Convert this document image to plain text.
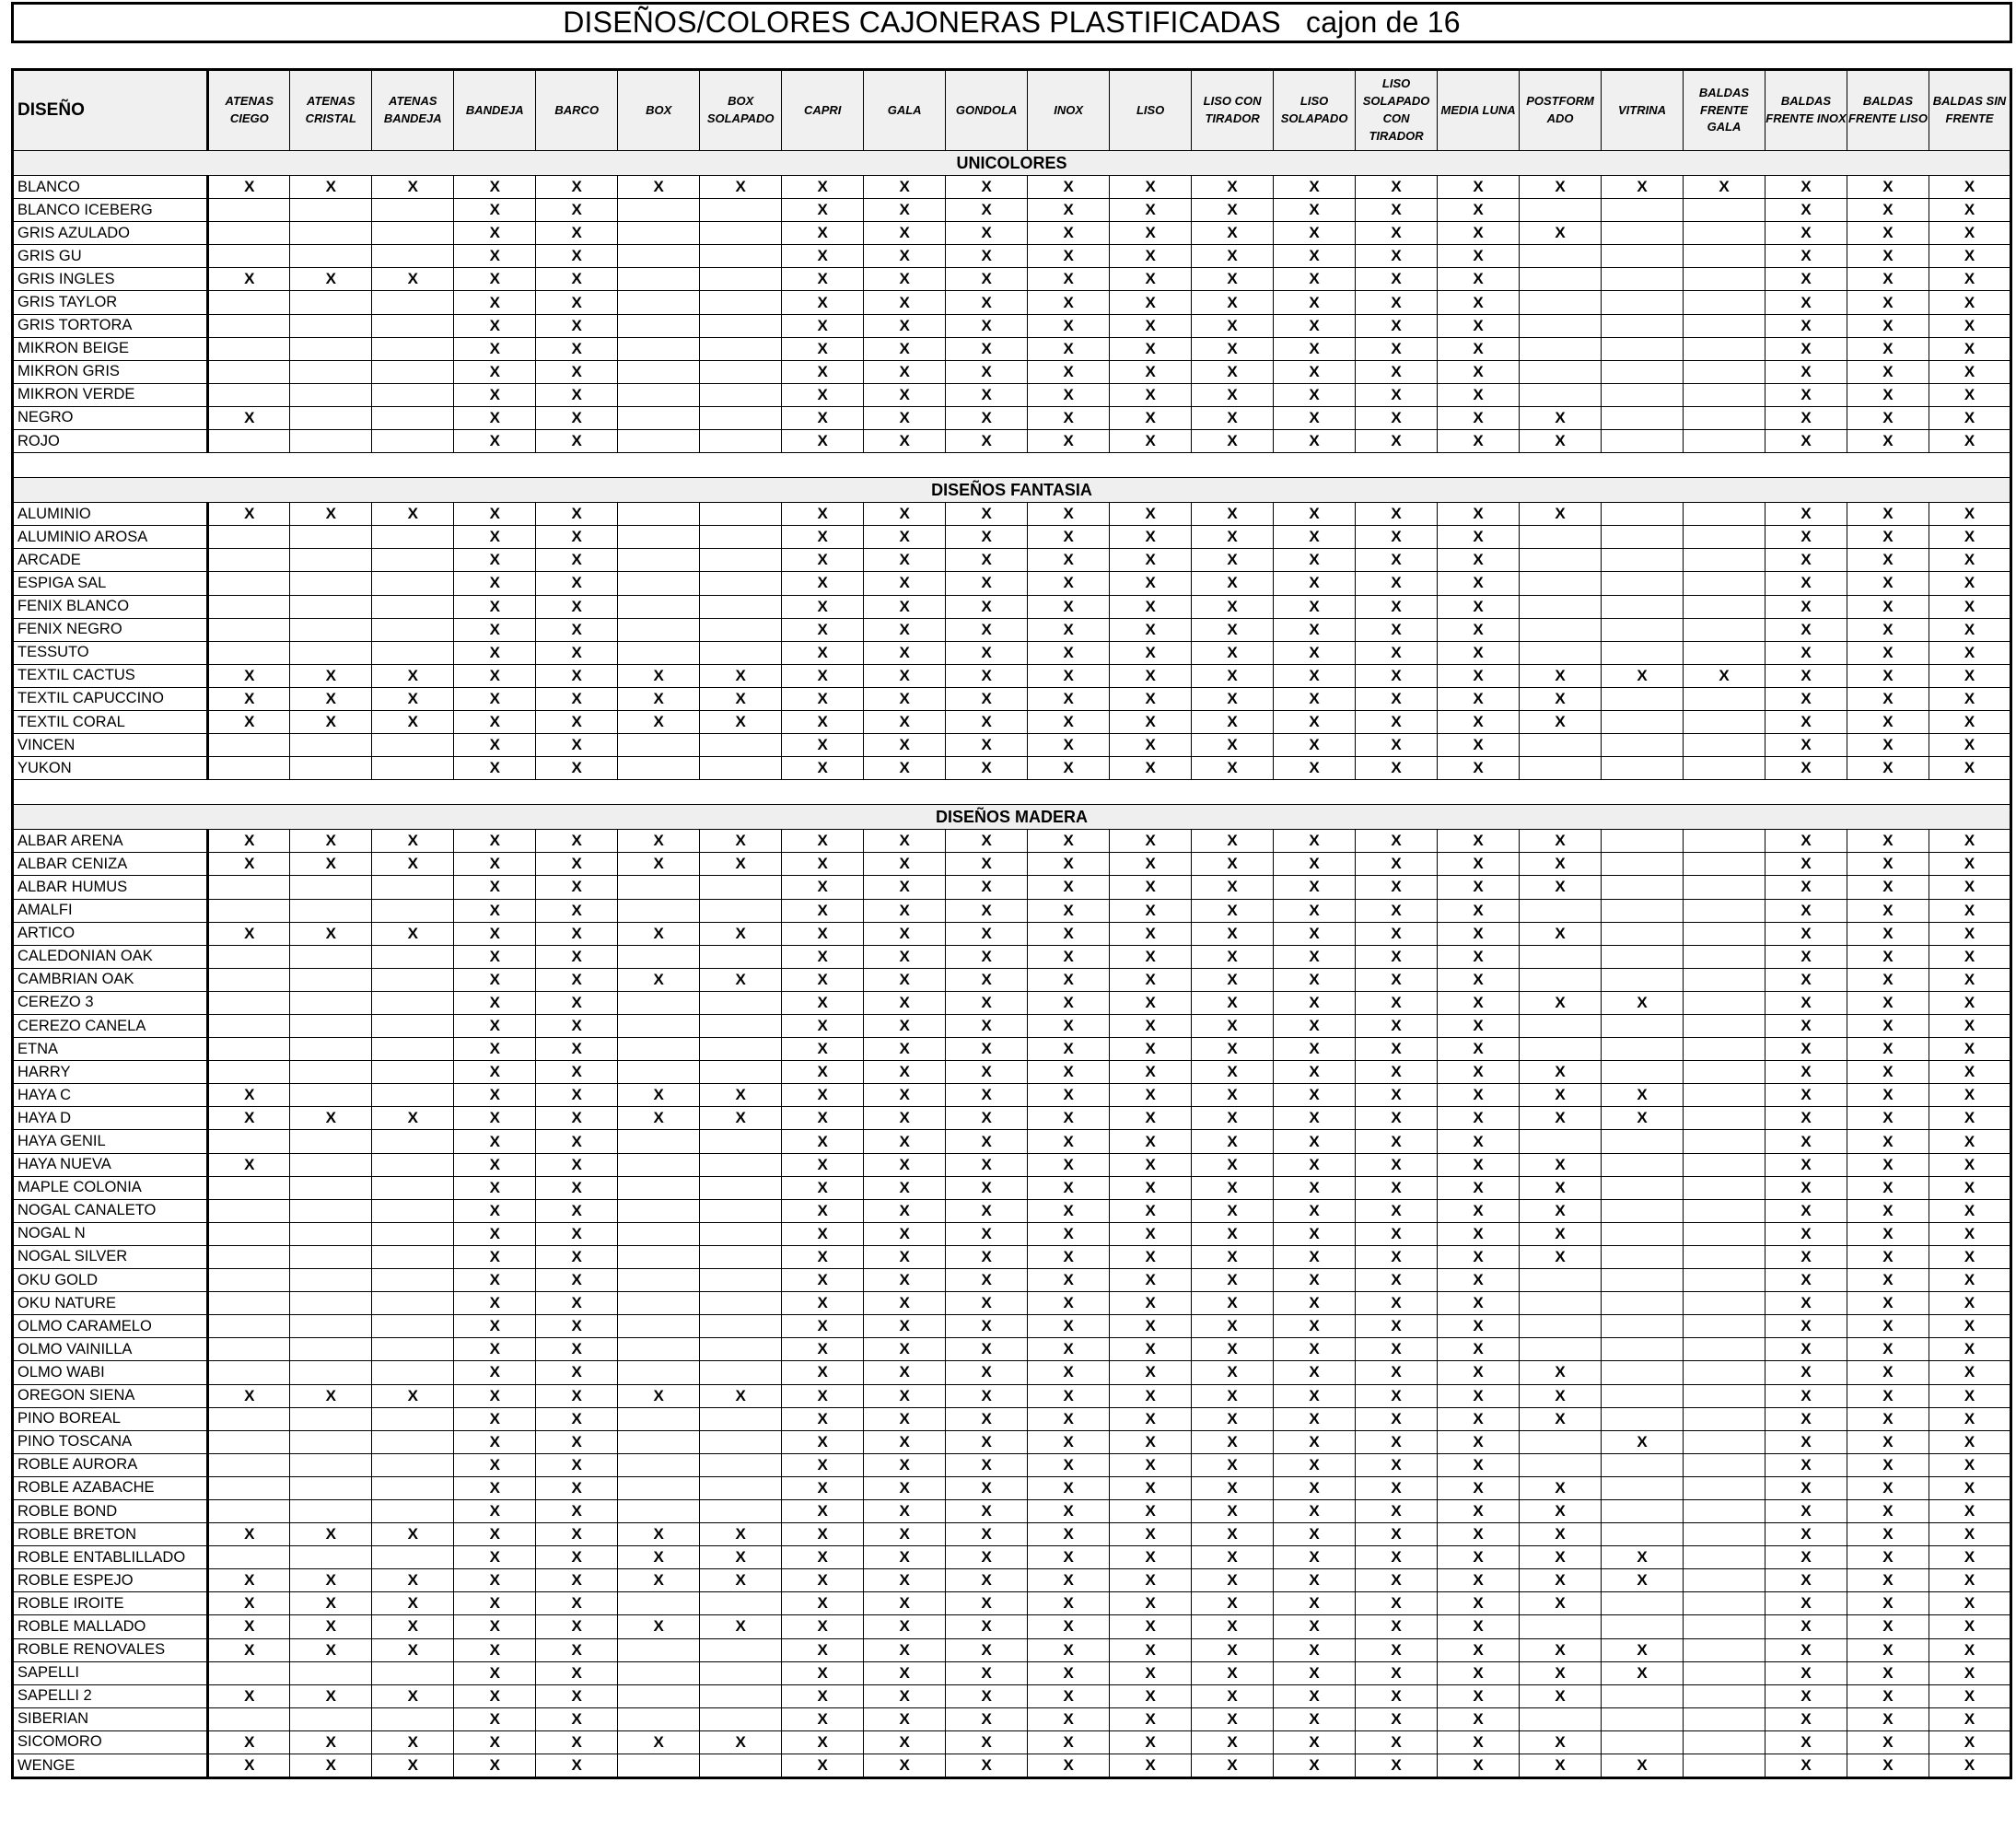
DISEÑOS/COLORES CAJONERAS PLASTIFICADAS   cajon de 16
DISEÑO	ATENAS CIEGO	ATENAS CRISTAL	ATENAS BANDEJA	BANDEJA	BARCO	BOX	BOX SOLAPADO	CAPRI	GALA	GONDOLA	INOX	LISO	LISO CON TIRADOR	LISO SOLAPADO	LISO SOLAPADO CON TIRADOR	MEDIA LUNA	POSTFORM ADO	VITRINA	BALDAS FRENTE GALA	BALDAS FRENTE INOX	BALDAS FRENTE LISO	BALDAS SIN FRENTE
UNICOLORES																						
BLANCO	X	X	X	X	X	X	X	X	X	X	X	X	X	X	X	X	X	X	X	X	X	X
BLANCO ICEBERG				X	X			X	X	X	X	X	X	X	X	X				X	X	X
GRIS AZULADO				X	X			X	X	X	X	X	X	X	X	X	X			X	X	X
GRIS GU				X	X			X	X	X	X	X	X	X	X	X				X	X	X
GRIS INGLES	X	X	X	X	X			X	X	X	X	X	X	X	X	X				X	X	X
GRIS TAYLOR				X	X			X	X	X	X	X	X	X	X	X				X	X	X
GRIS TORTORA				X	X			X	X	X	X	X	X	X	X	X				X	X	X
MIKRON BEIGE				X	X			X	X	X	X	X	X	X	X	X				X	X	X
MIKRON GRIS				X	X			X	X	X	X	X	X	X	X	X				X	X	X
MIKRON VERDE				X	X			X	X	X	X	X	X	X	X	X				X	X	X
NEGRO	X			X	X			X	X	X	X	X	X	X	X	X	X			X	X	X
ROJO				X	X			X	X	X	X	X	X	X	X	X	X			X	X	X

DISEÑOS FANTASIA																						
ALUMINIO	X	X	X	X	X			X	X	X	X	X	X	X	X	X	X			X	X	X
ALUMINIO AROSA				X	X			X	X	X	X	X	X	X	X	X				X	X	X
ARCADE				X	X			X	X	X	X	X	X	X	X	X				X	X	X
ESPIGA SAL				X	X			X	X	X	X	X	X	X	X	X				X	X	X
FENIX BLANCO				X	X			X	X	X	X	X	X	X	X	X				X	X	X
FENIX NEGRO				X	X			X	X	X	X	X	X	X	X	X				X	X	X
TESSUTO				X	X			X	X	X	X	X	X	X	X	X				X	X	X
TEXTIL CACTUS	X	X	X	X	X	X	X	X	X	X	X	X	X	X	X	X	X	X	X	X	X	X
TEXTIL CAPUCCINO	X	X	X	X	X	X	X	X	X	X	X	X	X	X	X	X	X			X	X	X
TEXTIL CORAL	X	X	X	X	X	X	X	X	X	X	X	X	X	X	X	X	X			X	X	X
VINCEN				X	X			X	X	X	X	X	X	X	X	X				X	X	X
YUKON				X	X			X	X	X	X	X	X	X	X	X				X	X	X

DISEÑOS MADERA																						
ALBAR ARENA	X	X	X	X	X	X	X	X	X	X	X	X	X	X	X	X	X			X	X	X
ALBAR CENIZA	X	X	X	X	X	X	X	X	X	X	X	X	X	X	X	X	X			X	X	X
ALBAR HUMUS				X	X			X	X	X	X	X	X	X	X	X	X			X	X	X
AMALFI				X	X			X	X	X	X	X	X	X	X	X				X	X	X
ARTICO	X	X	X	X	X	X	X	X	X	X	X	X	X	X	X	X	X			X	X	X
CALEDONIAN OAK				X	X			X	X	X	X	X	X	X	X	X				X	X	X
CAMBRIAN OAK				X	X	X	X	X	X	X	X	X	X	X	X	X				X	X	X
CEREZO 3				X	X			X	X	X	X	X	X	X	X	X	X	X		X	X	X
CEREZO CANELA				X	X			X	X	X	X	X	X	X	X	X				X	X	X
ETNA				X	X			X	X	X	X	X	X	X	X	X				X	X	X
HARRY				X	X			X	X	X	X	X	X	X	X	X	X			X	X	X
HAYA C	X			X	X	X	X	X	X	X	X	X	X	X	X	X	X	X		X	X	X
HAYA D	X	X	X	X	X	X	X	X	X	X	X	X	X	X	X	X	X	X		X	X	X
HAYA GENIL				X	X			X	X	X	X	X	X	X	X	X				X	X	X
HAYA NUEVA	X			X	X			X	X	X	X	X	X	X	X	X	X			X	X	X
MAPLE COLONIA				X	X			X	X	X	X	X	X	X	X	X	X			X	X	X
NOGAL CANALETO				X	X			X	X	X	X	X	X	X	X	X	X			X	X	X
NOGAL N				X	X			X	X	X	X	X	X	X	X	X	X			X	X	X
NOGAL SILVER				X	X			X	X	X	X	X	X	X	X	X	X			X	X	X
OKU GOLD				X	X			X	X	X	X	X	X	X	X	X				X	X	X
OKU NATURE				X	X			X	X	X	X	X	X	X	X	X				X	X	X
OLMO CARAMELO				X	X			X	X	X	X	X	X	X	X	X				X	X	X
OLMO VAINILLA				X	X			X	X	X	X	X	X	X	X	X				X	X	X
OLMO WABI				X	X			X	X	X	X	X	X	X	X	X	X			X	X	X
OREGON SIENA	X	X	X	X	X	X	X	X	X	X	X	X	X	X	X	X	X			X	X	X
PINO BOREAL				X	X			X	X	X	X	X	X	X	X	X	X			X	X	X
PINO TOSCANA				X	X			X	X	X	X	X	X	X	X	X		X		X	X	X
ROBLE AURORA				X	X			X	X	X	X	X	X	X	X	X				X	X	X
ROBLE AZABACHE				X	X			X	X	X	X	X	X	X	X	X	X			X	X	X
ROBLE BOND				X	X			X	X	X	X	X	X	X	X	X	X			X	X	X
ROBLE BRETON	X	X	X	X	X	X	X	X	X	X	X	X	X	X	X	X	X			X	X	X
ROBLE ENTABLILLADO				X	X	X	X	X	X	X	X	X	X	X	X	X	X	X		X	X	X
ROBLE ESPEJO	X	X	X	X	X	X	X	X	X	X	X	X	X	X	X	X	X	X		X	X	X
ROBLE IROITE	X	X	X	X	X			X	X	X	X	X	X	X	X	X	X			X	X	X
ROBLE MALLADO	X	X	X	X	X	X	X	X	X	X	X	X	X	X	X	X				X	X	X
ROBLE RENOVALES	X	X	X	X	X			X	X	X	X	X	X	X	X	X	X	X		X	X	X
SAPELLI				X	X			X	X	X	X	X	X	X	X	X	X	X		X	X	X
SAPELLI 2	X	X	X	X	X			X	X	X	X	X	X	X	X	X	X			X	X	X
SIBERIAN				X	X			X	X	X	X	X	X	X	X	X				X	X	X
SICOMORO	X	X	X	X	X	X	X	X	X	X	X	X	X	X	X	X	X			X	X	X
WENGE	X	X	X	X	X			X	X	X	X	X	X	X	X	X	X	X		X	X	X
